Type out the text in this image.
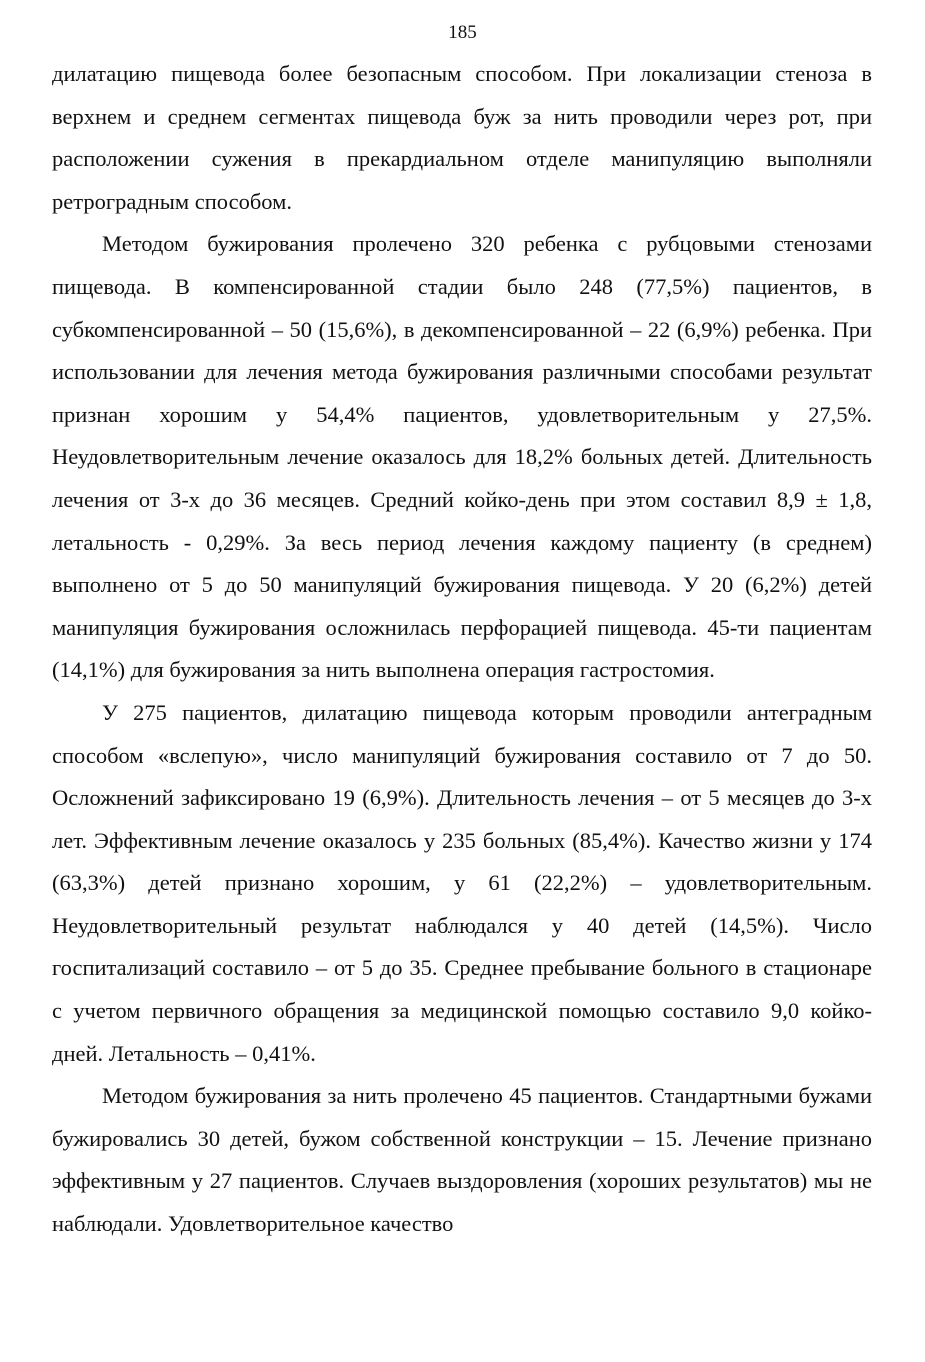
185

дилатацию пищевода более безопасным способом. При локализации стеноза в верхнем и среднем сегментах пищевода буж за нить проводили через рот, при расположении сужения в прекардиальном отделе манипуляцию выполняли ретроградным способом.

Методом бужирования пролечено 320 ребенка с рубцовыми стенозами пищевода. В компенсированной стадии было 248 (77,5%) пациентов, в субкомпенсированной – 50 (15,6%), в декомпенсированной – 22 (6,9%) ребенка. При использовании для лечения метода бужирования различными способами результат признан хорошим у 54,4% пациентов, удовлетворительным у 27,5%. Неудовлетворительным лечение оказалось для 18,2% больных детей. Длительность лечения от 3-х до 36 месяцев. Средний койко-день при этом составил 8,9 ± 1,8, летальность - 0,29%. За весь период лечения каждому пациенту (в среднем) выполнено от 5 до 50 манипуляций бужирования пищевода. У 20 (6,2%) детей манипуляция бужирования осложнилась перфорацией пищевода. 45-ти пациентам (14,1%) для бужирования за нить выполнена операция гастростомия.

У 275 пациентов, дилатацию пищевода которым проводили антеградным способом «вслепую», число манипуляций бужирования составило от 7 до 50. Осложнений зафиксировано 19 (6,9%). Длительность лечения – от 5 месяцев до 3-х лет. Эффективным лечение оказалось у 235 больных (85,4%). Качество жизни у 174 (63,3%) детей признано хорошим, у 61 (22,2%) – удовлетворительным. Неудовлетворительный результат наблюдался у 40 детей (14,5%). Число госпитализаций составило – от 5 до 35. Среднее пребывание больного в стационаре с учетом первичного обращения за медицинской помощью составило 9,0 койко-дней. Летальность – 0,41%.

Методом бужирования за нить пролечено 45 пациентов. Стандартными бужами бужировались 30 детей, бужом собственной конструкции – 15. Лечение признано эффективным у 27 пациентов. Случаев выздоровления (хороших результатов) мы не наблюдали. Удовлетворительное качество
